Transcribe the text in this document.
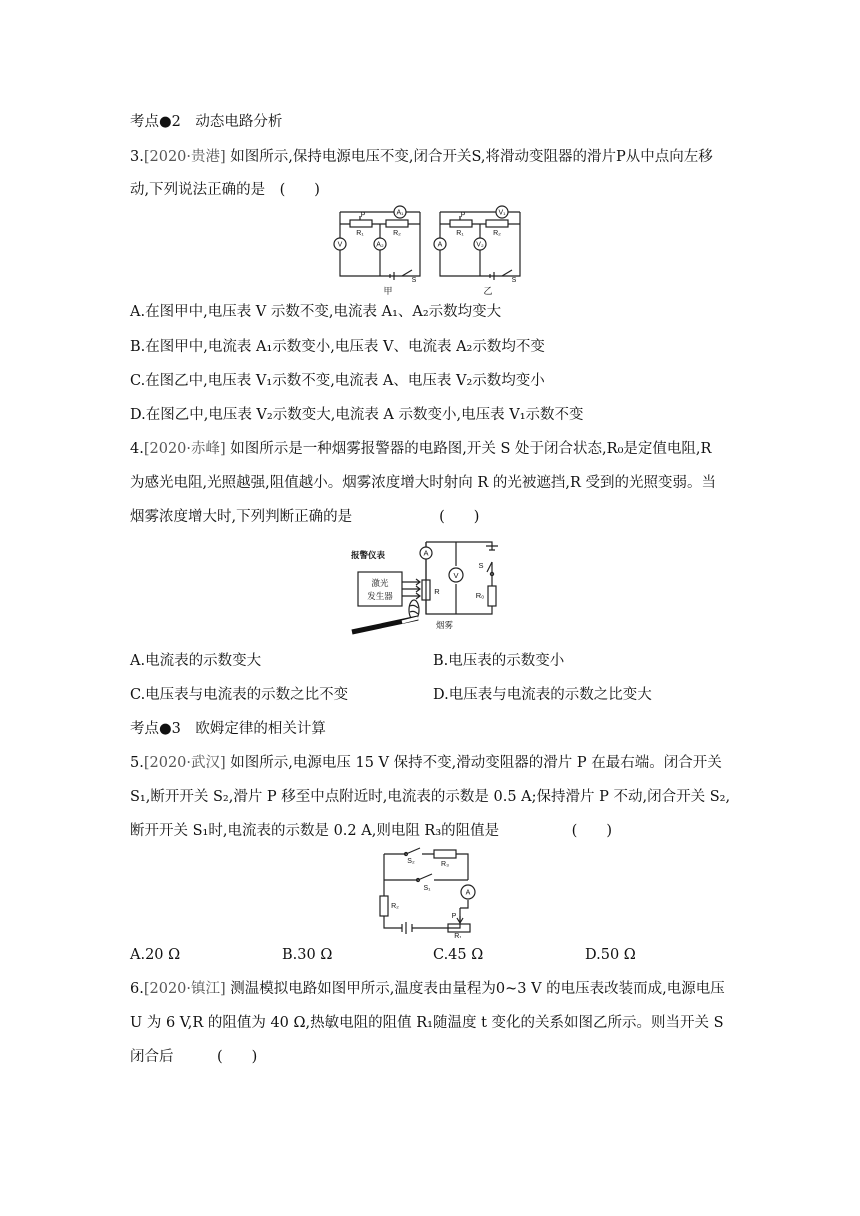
考点●2　动态电路分析
3.[2020·贵港] 如图所示,保持电源电压不变,闭合开关S,将滑动变阻器的滑片P从中点向左移
动,下列说法正确的是　(　　)
A₁
V	A₂
P
R₁	R₂
S
V₁
A	V₂
P
R₁	R₂
S
甲	乙
A.在图甲中,电压表 V 示数不变,电流表 A₁、A₂示数均变大
B.在图甲中,电流表 A₁示数变小,电压表 V、电流表 A₂示数均不变
C.在图乙中,电压表 V₁示数不变,电流表 A、电压表 V₂示数均变小
D.在图乙中,电压表 V₂示数变大,电流表 A 示数变小,电压表 V₁示数不变
4.[2020·赤峰] 如图所示是一种烟雾报警器的电路图,开关 S 处于闭合状态,R₀是定值电阻,R
为感光电阻,光照越强,阻值越小。烟雾浓度增大时射向 R 的光被遮挡,R 受到的光照变弱。当
烟雾浓度增大时,下列判断正确的是　　　　　　(　　)
报警仪表
激光
发生器
烟雾
A
V
R
S
R₀
A.电流表的示数变大	B.电压表的示数变小
C.电压表与电流表的示数之比不变	D.电压表与电流表的示数之比变大
考点●3　欧姆定律的相关计算
5.[2020·武汉] 如图所示,电源电压 15 V 保持不变,滑动变阻器的滑片 P 在最右端。闭合开关
S₁,断开开关 S₂,滑片 P 移至中点附近时,电流表的示数是 0.5 A;保持滑片 P 不动,闭合开关 S₂,
断开开关 S₁时,电流表的示数是 0.2 A,则电阻 R₃的阻值是　　　　　(　　)
S₂	R₃
S₁
A
R₂
P
R₁
A.20 Ω	B.30 Ω	C.45 Ω	D.50 Ω
6.[2020·镇江] 测温模拟电路如图甲所示,温度表由量程为0~3 V 的电压表改装而成,电源电压
U 为 6 V,R 的阻值为 40 Ω,热敏电阻的阻值 R₁随温度 t 变化的关系如图乙所示。则当开关 S
闭合后　　　(　　)
